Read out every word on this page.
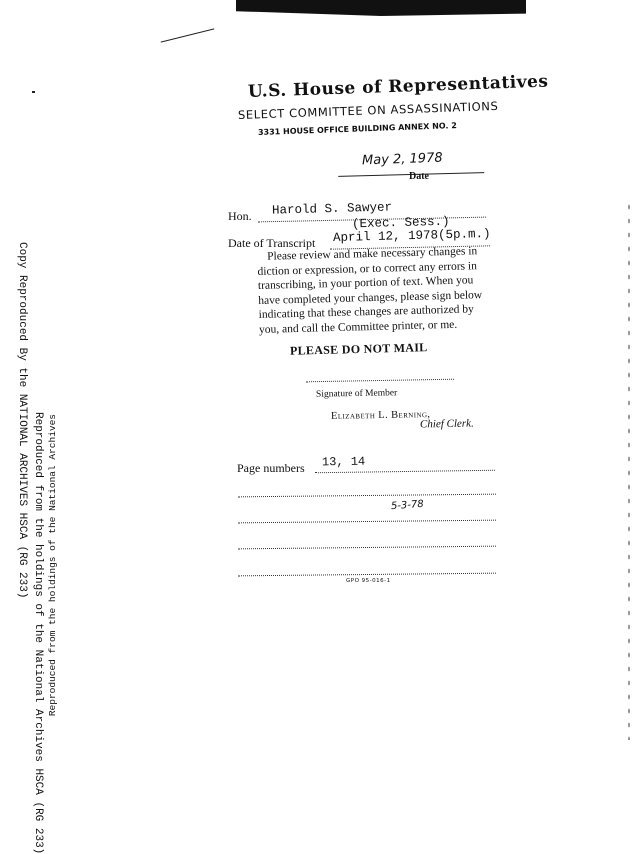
U.S. House of Representatives
SELECT COMMITTEE ON ASSASSINATIONS
3331 HOUSE OFFICE BUILDING ANNEX NO. 2
May 2, 1978
Date
Hon. Harold S. Sawyer
(Exec. Sess.)
Date of Transcript April 12, 1978(5p.m.)
Please review and make necessary changes in
diction or expression, or to correct any errors in
transcribing, in your portion of text. When you
have completed your changes, please sign below
indicating that these changes are authorized by
you, and call the Committee printer, or me.
PLEASE DO NOT MAIL
Signature of Member
Elizabeth L. Berning,
Chief Clerk.
Page numbers 13, 14
5-3-78
GPO 95-016-1
Copy Reproduced By the NATIONAL ARCHIVES HSCA (RG 233) Reproduced from the holdings of the National Archives
Reproduced from the holdings of the National Archives HSCA (RG 233)
